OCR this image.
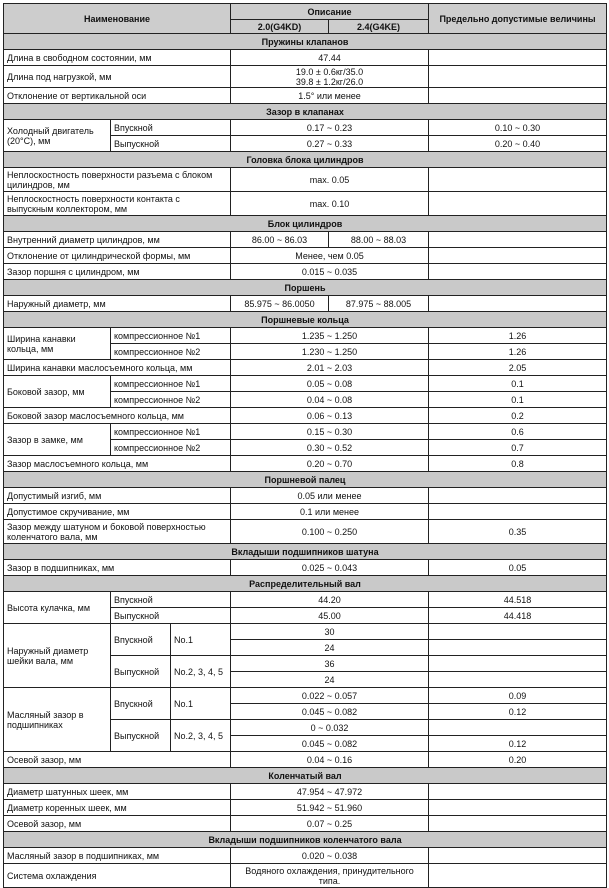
Наименование			Описание		Предельно допустимые величины
			2.0(G4KD)	2.4(G4KE)	
Пружины клапанов					
Длина в свободном состоянии, мм			47.44		
Длина под нагрузкой, мм			19.0 ± 0.6кг/35.0
39.8 ± 1.2кг/26.0		
Отклонение от вертикальной оси			1.5° или менее		
Зазор в клапанах					
Холодный двигатель (20°C), мм	Впускной		0.17 ~ 0.23		0.10 ~ 0.30
	Выпускной		0.27 ~ 0.33		0.20 ~ 0.40
Головка блока цилиндров					
Неплоскостность поверхности разъема с блоком цилиндров, мм			max. 0.05		
Неплоскостность поверхности контакта с выпускным коллектором, мм			max. 0.10		
Блок цилиндров					
Внутренний диаметр цилиндров, мм			86.00 ~ 86.03	88.00 ~ 88.03	
Отклонение от цилиндрической формы, мм			Менее, чем 0.05		
Зазор поршня с цилиндром, мм			0.015 ~ 0.035		
Поршень					
Наружный диаметр, мм			85.975 ~ 86.0050	87.975 ~ 88.005	
Поршневые кольца					
Ширина канавки кольца, мм	компрессионное №1		1.235 ~ 1.250		1.26
	компрессионное №2		1.230 ~ 1.250		1.26
Ширина канавки маслосъемного кольца, мм			2.01 ~ 2.03		2.05
Боковой зазор, мм	компрессионное №1		0.05 ~ 0.08		0.1
	компрессионное №2		0.04 ~ 0.08		0.1
Боковой зазор маслосъемного кольца, мм			0.06 ~ 0.13		0.2
Зазор в замке, мм	компрессионное №1		0.15 ~ 0.30		0.6
	компрессионное №2		0.30 ~ 0.52		0.7
Зазор маслосъемного кольца, мм			0.20 ~ 0.70		0.8
Поршневой палец					
Допустимый изгиб, мм			0.05 или менее		
Допустимое скручивание, мм			0.1 или менее		
Зазор между шатуном и боковой поверхностью коленчатого вала, мм			0.100 ~ 0.250		0.35
Вкладыши подшипников шатуна					
Зазор в подшипниках, мм			0.025 ~ 0.043		0.05
Распределительный вал					
Высота кулачка, мм	Впускной		44.20		44.518
	Выпускной		45.00		44.418
Наружный диаметр шейки вала, мм	Впускной	No.1	30		
			24		
	Выпускной	No.2, 3, 4, 5	36		
			24		
Масляный зазор в подшипниках	Впускной	No.1	0.022 ~ 0.057		0.09
			0.045 ~ 0.082		0.12
	Выпускной	No.2, 3, 4, 5	0 ~ 0.032		
			0.045 ~ 0.082		0.12
Осевой зазор, мм			0.04 ~ 0.16		0.20
Коленчатый вал					
Диаметр шатунных шеек, мм			47.954 ~ 47.972		
Диаметр коренных шеек, мм			51.942 ~ 51.960		
Осевой зазор, мм			0.07 ~ 0.25		
Вкладыши подшипников коленчатого вала					
Масляный зазор в подшипниках, мм			0.020 ~ 0.038		
Система охлаждения			Водяного охлаждения, принудительного типа.		
